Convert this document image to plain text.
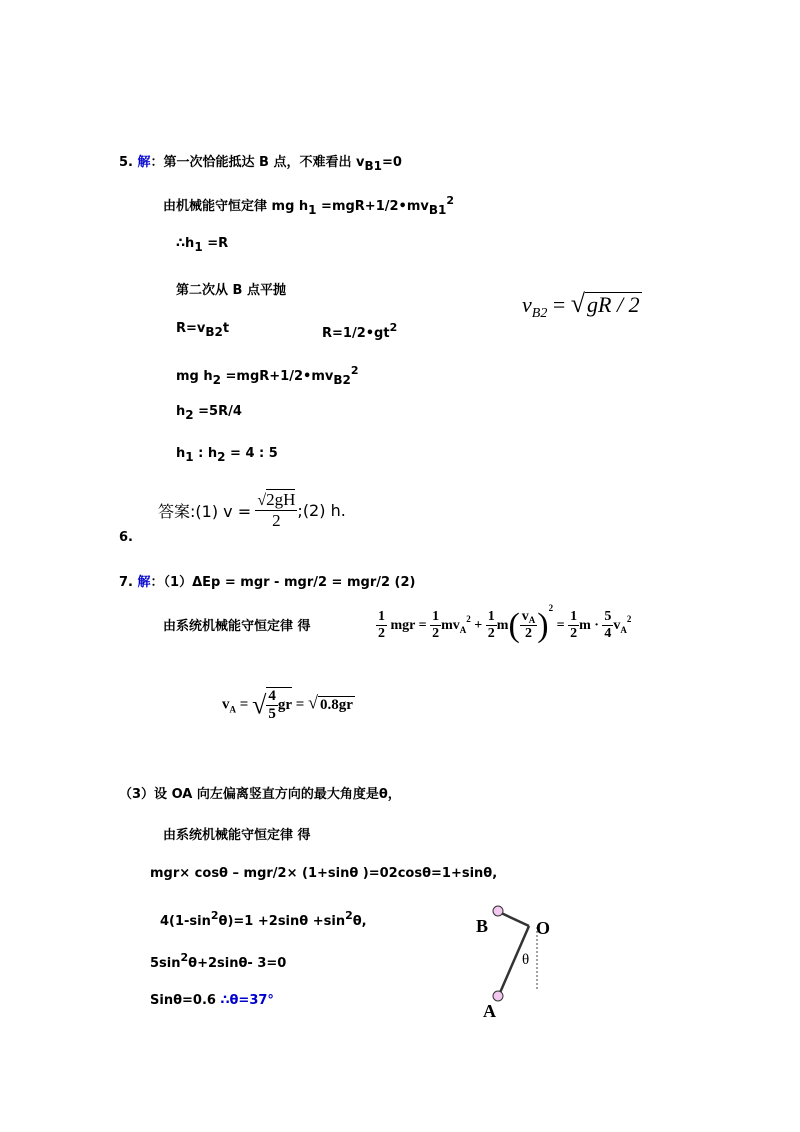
5. 解：第一次恰能抵达 B 点，不难看出 $v_{B1}=0$
由机械能守恒定律 mg $h_1$ $=mgR+1/2•mv_{B1}^2$
$\therefore h_1 =R$
第二次从 B 点平抛
$R=v_{B2}t$	$R=1/2•gt^2$
mg $h_2$ $=mgR+1/2•mv_{B2}^2$
$h_2 =5R/4$
$h_1$ : $h_2 = 4$ : 5
$v_{B2} = √gR / 2$
答案:(1) $v = \frac{√2gH}{2}$ ;(2) h.
6.
7. 解：（1）ΔEp = mgr - mgr/2 = mgr/2 (2)
由系统机械能守恒定律 得	$\frac{1}{2}$ mgr = $\frac{1}{2} mv_A^2 + \frac{1}{2} m( \frac{v_A}{2} )^2 = \frac{1}{2}$ $m \cdot \frac{5}{4} v_A^2$
$v_A$ = √ $\frac{4}{5}$ gr = √ 0.8gr
（3）设 OA 向左偏离竖直方向的最大角度是θ，
由系统机械能守恒定律 得
mgr× cosθ – mgr/2× (1+sinθ )=02cosθ=1+sinθ,
$4(1-\sin^2\theta)=1 +2\sin\theta +\sin^2\theta$,
$5\sin^2\theta+2\sin\theta-$ 3=0
Sinθ=0.6 ∴θ=37°
B	O
θ
A
